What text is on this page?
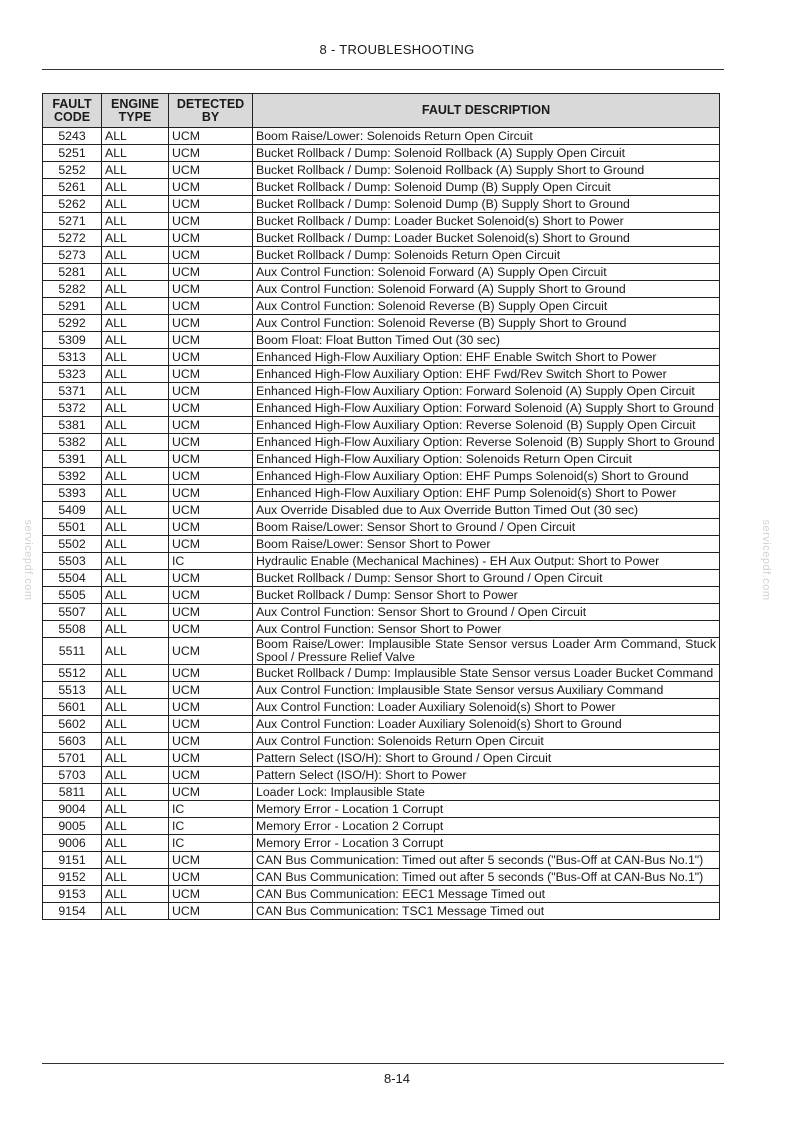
8 - TROUBLESHOOTING
FAULT CODE	ENGINE TYPE	DETECTED BY	FAULT DESCRIPTION
5243	ALL	UCM	Boom Raise/Lower: Solenoids Return Open Circuit
5251	ALL	UCM	Bucket Rollback / Dump: Solenoid Rollback (A) Supply Open Circuit
5252	ALL	UCM	Bucket Rollback / Dump: Solenoid Rollback (A) Supply Short to Ground
5261	ALL	UCM	Bucket Rollback / Dump: Solenoid Dump (B) Supply Open Circuit
5262	ALL	UCM	Bucket Rollback / Dump: Solenoid Dump (B) Supply Short to Ground
5271	ALL	UCM	Bucket Rollback / Dump: Loader Bucket Solenoid(s) Short to Power
5272	ALL	UCM	Bucket Rollback / Dump: Loader Bucket Solenoid(s) Short to Ground
5273	ALL	UCM	Bucket Rollback / Dump: Solenoids Return Open Circuit
5281	ALL	UCM	Aux Control Function: Solenoid Forward (A) Supply Open Circuit
5282	ALL	UCM	Aux Control Function: Solenoid Forward (A) Supply Short to Ground
5291	ALL	UCM	Aux Control Function: Solenoid Reverse (B) Supply Open Circuit
5292	ALL	UCM	Aux Control Function: Solenoid Reverse (B) Supply Short to Ground
5309	ALL	UCM	Boom Float: Float Button Timed Out (30 sec)
5313	ALL	UCM	Enhanced High-Flow Auxiliary Option: EHF Enable Switch Short to Power
5323	ALL	UCM	Enhanced High-Flow Auxiliary Option: EHF Fwd/Rev Switch Short to Power
5371	ALL	UCM	Enhanced High-Flow Auxiliary Option: Forward Solenoid (A) Supply Open Circuit
5372	ALL	UCM	Enhanced High-Flow Auxiliary Option: Forward Solenoid (A) Supply Short to Ground
5381	ALL	UCM	Enhanced High-Flow Auxiliary Option: Reverse Solenoid (B) Supply Open Circuit
5382	ALL	UCM	Enhanced High-Flow Auxiliary Option: Reverse Solenoid (B) Supply Short to Ground
5391	ALL	UCM	Enhanced High-Flow Auxiliary Option: Solenoids Return Open Circuit
5392	ALL	UCM	Enhanced High-Flow Auxiliary Option: EHF Pumps Solenoid(s) Short to Ground
5393	ALL	UCM	Enhanced High-Flow Auxiliary Option: EHF Pump Solenoid(s) Short to Power
5409	ALL	UCM	Aux Override Disabled due to Aux Override Button Timed Out (30 sec)
5501	ALL	UCM	Boom Raise/Lower: Sensor Short to Ground / Open Circuit
5502	ALL	UCM	Boom Raise/Lower: Sensor Short to Power
5503	ALL	IC	Hydraulic Enable (Mechanical Machines) - EH Aux Output: Short to Power
5504	ALL	UCM	Bucket Rollback / Dump: Sensor Short to Ground / Open Circuit
5505	ALL	UCM	Bucket Rollback / Dump: Sensor Short to Power
5507	ALL	UCM	Aux Control Function: Sensor Short to Ground / Open Circuit
5508	ALL	UCM	Aux Control Function: Sensor Short to Power
5511	ALL	UCM	Boom Raise/Lower: Implausible State Sensor versus Loader Arm Command, Stuck Spool / Pressure Relief Valve
5512	ALL	UCM	Bucket Rollback / Dump: Implausible State Sensor versus Loader Bucket Command
5513	ALL	UCM	Aux Control Function: Implausible State Sensor versus Auxiliary Command
5601	ALL	UCM	Aux Control Function: Loader Auxiliary Solenoid(s) Short to Power
5602	ALL	UCM	Aux Control Function: Loader Auxiliary Solenoid(s) Short to Ground
5603	ALL	UCM	Aux Control Function: Solenoids Return Open Circuit
5701	ALL	UCM	Pattern Select (ISO/H): Short to Ground / Open Circuit
5703	ALL	UCM	Pattern Select (ISO/H): Short to Power
5811	ALL	UCM	Loader Lock: Implausible State
9004	ALL	IC	Memory Error - Location 1 Corrupt
9005	ALL	IC	Memory Error - Location 2 Corrupt
9006	ALL	IC	Memory Error - Location 3 Corrupt
9151	ALL	UCM	CAN Bus Communication: Timed out after 5 seconds ("Bus-Off at CAN-Bus No.1")
9152	ALL	UCM	CAN Bus Communication: Timed out after 5 seconds ("Bus-Off at CAN-Bus No.1")
9153	ALL	UCM	CAN Bus Communication: EEC1 Message Timed out
9154	ALL	UCM	CAN Bus Communication: TSC1 Message Timed out
8-14
servicepdf.com	servicepdf.com
